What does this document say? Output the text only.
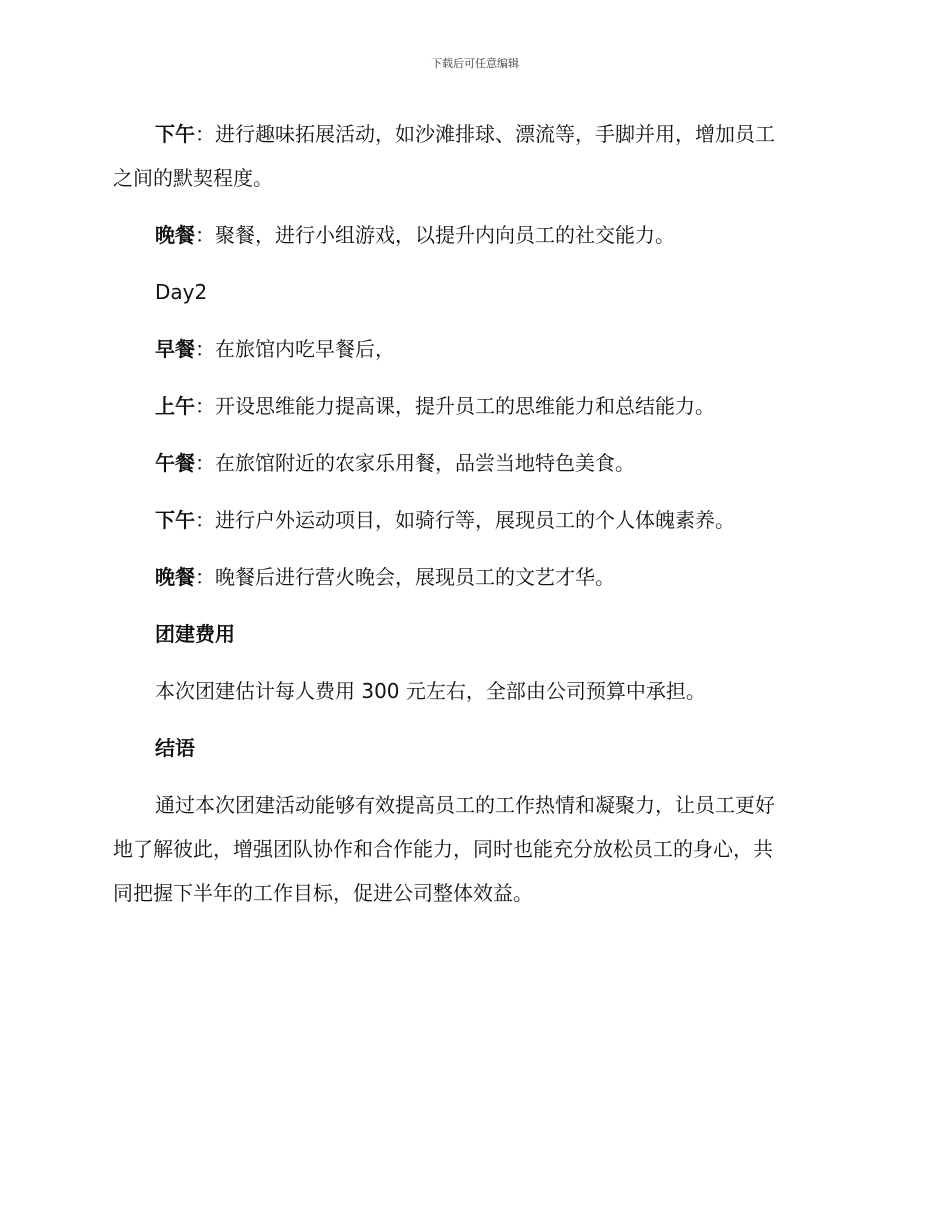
下载后可任意编辑

下午：进行趣味拓展活动，如沙滩排球、漂流等，手脚并用，增加员工

之间的默契程度。

晚餐：聚餐，进行小组游戏，以提升内向员工的社交能力。

Day2

早餐：在旅馆内吃早餐后，

上午：开设思维能力提高课，提升员工的思维能力和总结能力。

午餐：在旅馆附近的农家乐用餐，品尝当地特色美食。

下午：进行户外运动项目，如骑行等，展现员工的个人体魄素养。

晚餐：晚餐后进行营火晚会，展现员工的文艺才华。

团建费用

本次团建估计每人费用 300 元左右，全部由公司预算中承担。

结语

通过本次团建活动能够有效提高员工的工作热情和凝聚力，让员工更好

地了解彼此，增强团队协作和合作能力，同时也能充分放松员工的身心，共

同把握下半年的工作目标，促进公司整体效益。
